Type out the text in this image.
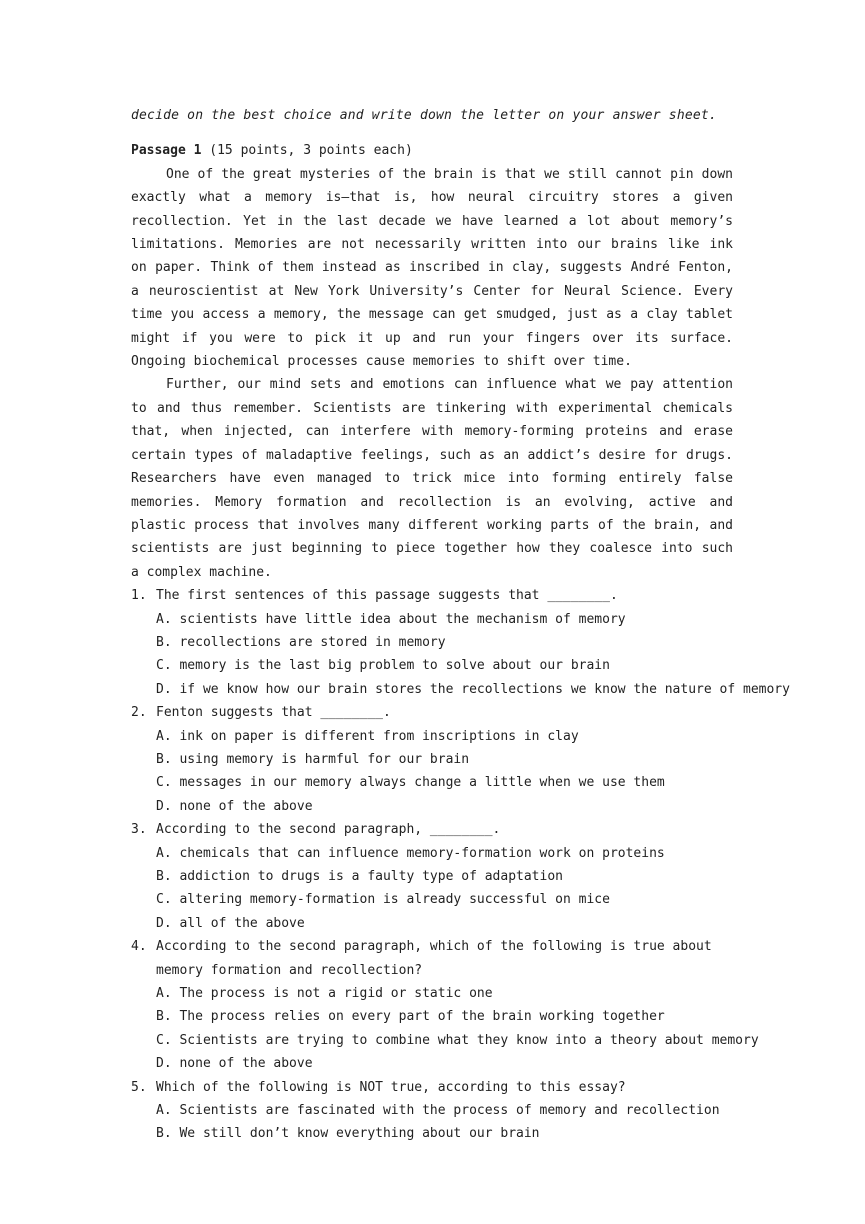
decide on the best choice and write down the letter on your answer sheet.

Passage 1 (15 points, 3 points each)

One of the great mysteries of the brain is that we still cannot pin down exactly what a memory is—that is, how neural circuitry stores a given recollection. Yet in the last decade we have learned a lot about memory’s limitations. Memories are not necessarily written into our brains like ink on paper. Think of them instead as inscribed in clay, suggests André Fenton, a neuroscientist at New York University’s Center for Neural Science. Every time you access a memory, the message can get smudged, just as a clay tablet might if you were to pick it up and run your fingers over its surface. Ongoing biochemical processes cause memories to shift over time.

Further, our mind sets and emotions can influence what we pay attention to and thus remember. Scientists are tinkering with experimental chemicals that, when injected, can interfere with memory-forming proteins and erase certain types of maladaptive feelings, such as an addict’s desire for drugs. Researchers have even managed to trick mice into forming entirely false memories. Memory formation and recollection is an evolving, active and plastic process that involves many different working parts of the brain, and scientists are just beginning to piece together how they coalesce into such a complex machine.

1. The first sentences of this passage suggests that ________.

A. scientists have little idea about the mechanism of memory

B. recollections are stored in memory

C. memory is the last big problem to solve about our brain

D. if we know how our brain stores the recollections we know the nature of memory

2. Fenton suggests that ________.

A. ink on paper is different from inscriptions in clay

B. using memory is harmful for our brain

C. messages in our memory always change a little when we use them

D. none of the above

3. According to the second paragraph, ________.

A. chemicals that can influence memory-formation work on proteins

B. addiction to drugs is a faulty type of adaptation

C. altering memory-formation is already successful on mice

D. all of the above

4. According to the second paragraph, which of the following is true about memory formation and recollection?

A. The process is not a rigid or static one

B. The process relies on every part of the brain working together

C. Scientists are trying to combine what they know into a theory about memory

D. none of the above

5. Which of the following is NOT true, according to this essay?

A. Scientists are fascinated with the process of memory and recollection

B. We still don’t know everything about our brain
